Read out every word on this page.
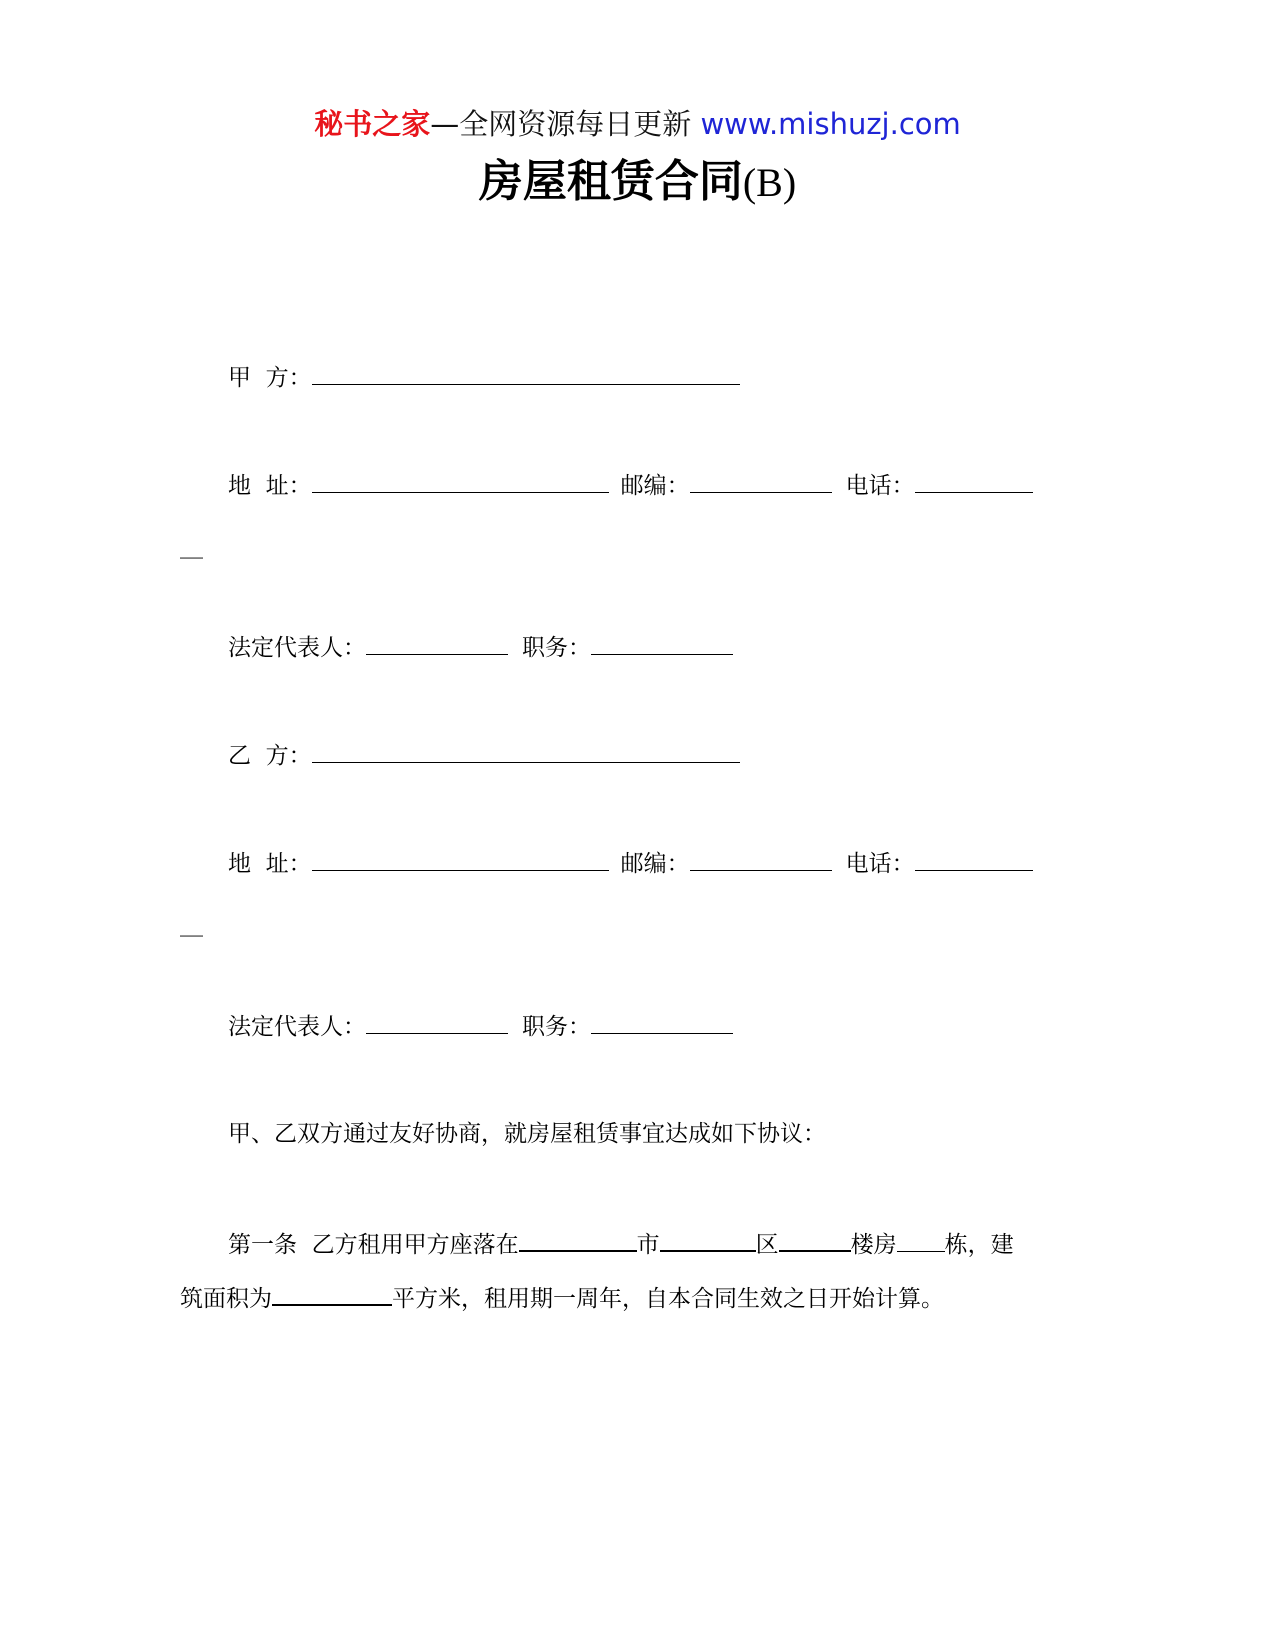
秘书之家—全网资源每日更新 www.mishuzj.com
房屋租赁合同(B)
甲  方：
地  址：	邮编：	电话：
__
法定代表人：	职务：
乙  方：
地  址：	邮编：	电话：
__
法定代表人：	职务：
甲、乙双方通过友好协商，就房屋租赁事宜达成如下协议：
第一条  乙方租用甲方座落在	市	区	楼房 栋，建
筑面积为	平方米，租用期一周年，自本合同生效之日开始计算。
